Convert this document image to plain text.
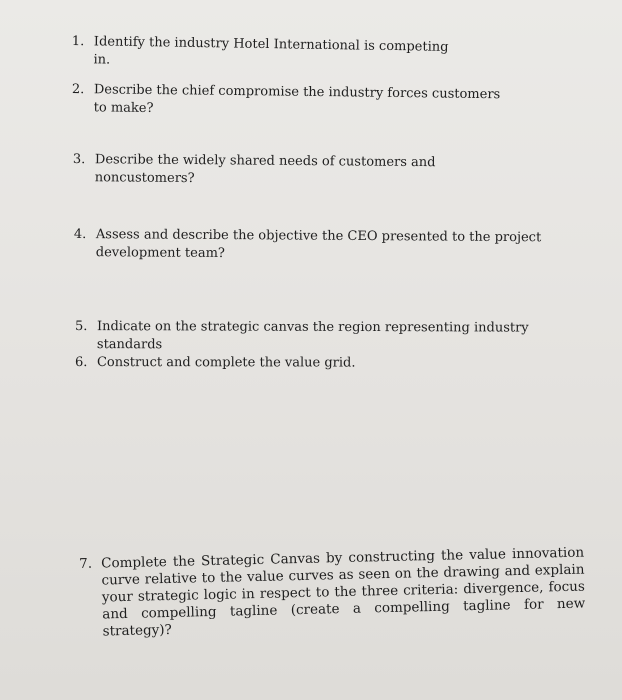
1. Identify the industry Hotel International is competing in.
2. Describe the chief compromise the industry forces customers to make?
3. Describe the widely shared needs of customers and noncustomers?
4. Assess and describe the objective the CEO presented to the project development team?
5. Indicate on the strategic canvas the region representing industry standards
6. Construct and complete the value grid.
7. Complete the Strategic Canvas by constructing the value innovation curve relative to the value curves as seen on the drawing and explain your strategic logic in respect to the three criteria: divergence, focus and compelling tagline (create a compelling tagline for new strategy)?
